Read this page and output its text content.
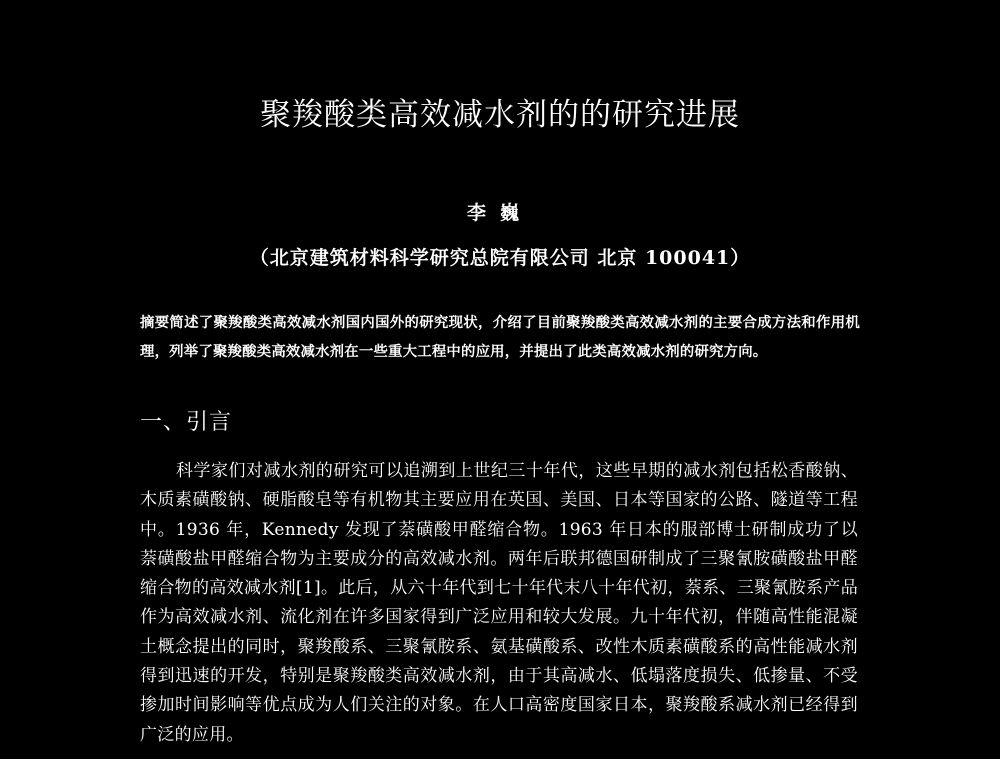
聚羧酸类高效减水剂的的研究进展
李巍
（北京建筑材料科学研究总院有限公司 北京 100041）
摘要简述了聚羧酸类高效减水剂国内国外的研究现状，介绍了目前聚羧酸类高效减水剂的主要合成方法和作用机理，列举了聚羧酸类高效减水剂在一些重大工程中的应用，并提出了此类高效减水剂的研究方向。
一、引言
科学家们对减水剂的研究可以追溯到上世纪三十年代，这些早期的减水剂包括松香酸钠、木质素磺酸钠、硬脂酸皂等有机物其主要应用在英国、美国、日本等国家的公路、隧道等工程中。1936 年，Kennedy 发现了萘磺酸甲醛缩合物。1963 年日本的服部博士研制成功了以萘磺酸盐甲醛缩合物为主要成分的高效减水剂。两年后联邦德国研制成了三聚氰胺磺酸盐甲醛缩合物的高效减水剂[1]。此后，从六十年代到七十年代末八十年代初，萘系、三聚氰胺系产品作为高效减水剂、流化剂在许多国家得到广泛应用和较大发展。九十年代初，伴随高性能混凝土概念提出的同时，聚羧酸系、三聚氰胺系、氨基磺酸系、改性木质素磺酸系的高性能减水剂得到迅速的开发，特别是聚羧酸类高效减水剂，由于其高减水、低塌落度损失、低掺量、不受掺加时间影响等优点成为人们关注的对象。在人口高密度国家日本，聚羧酸系减水剂已经得到广泛的应用。
